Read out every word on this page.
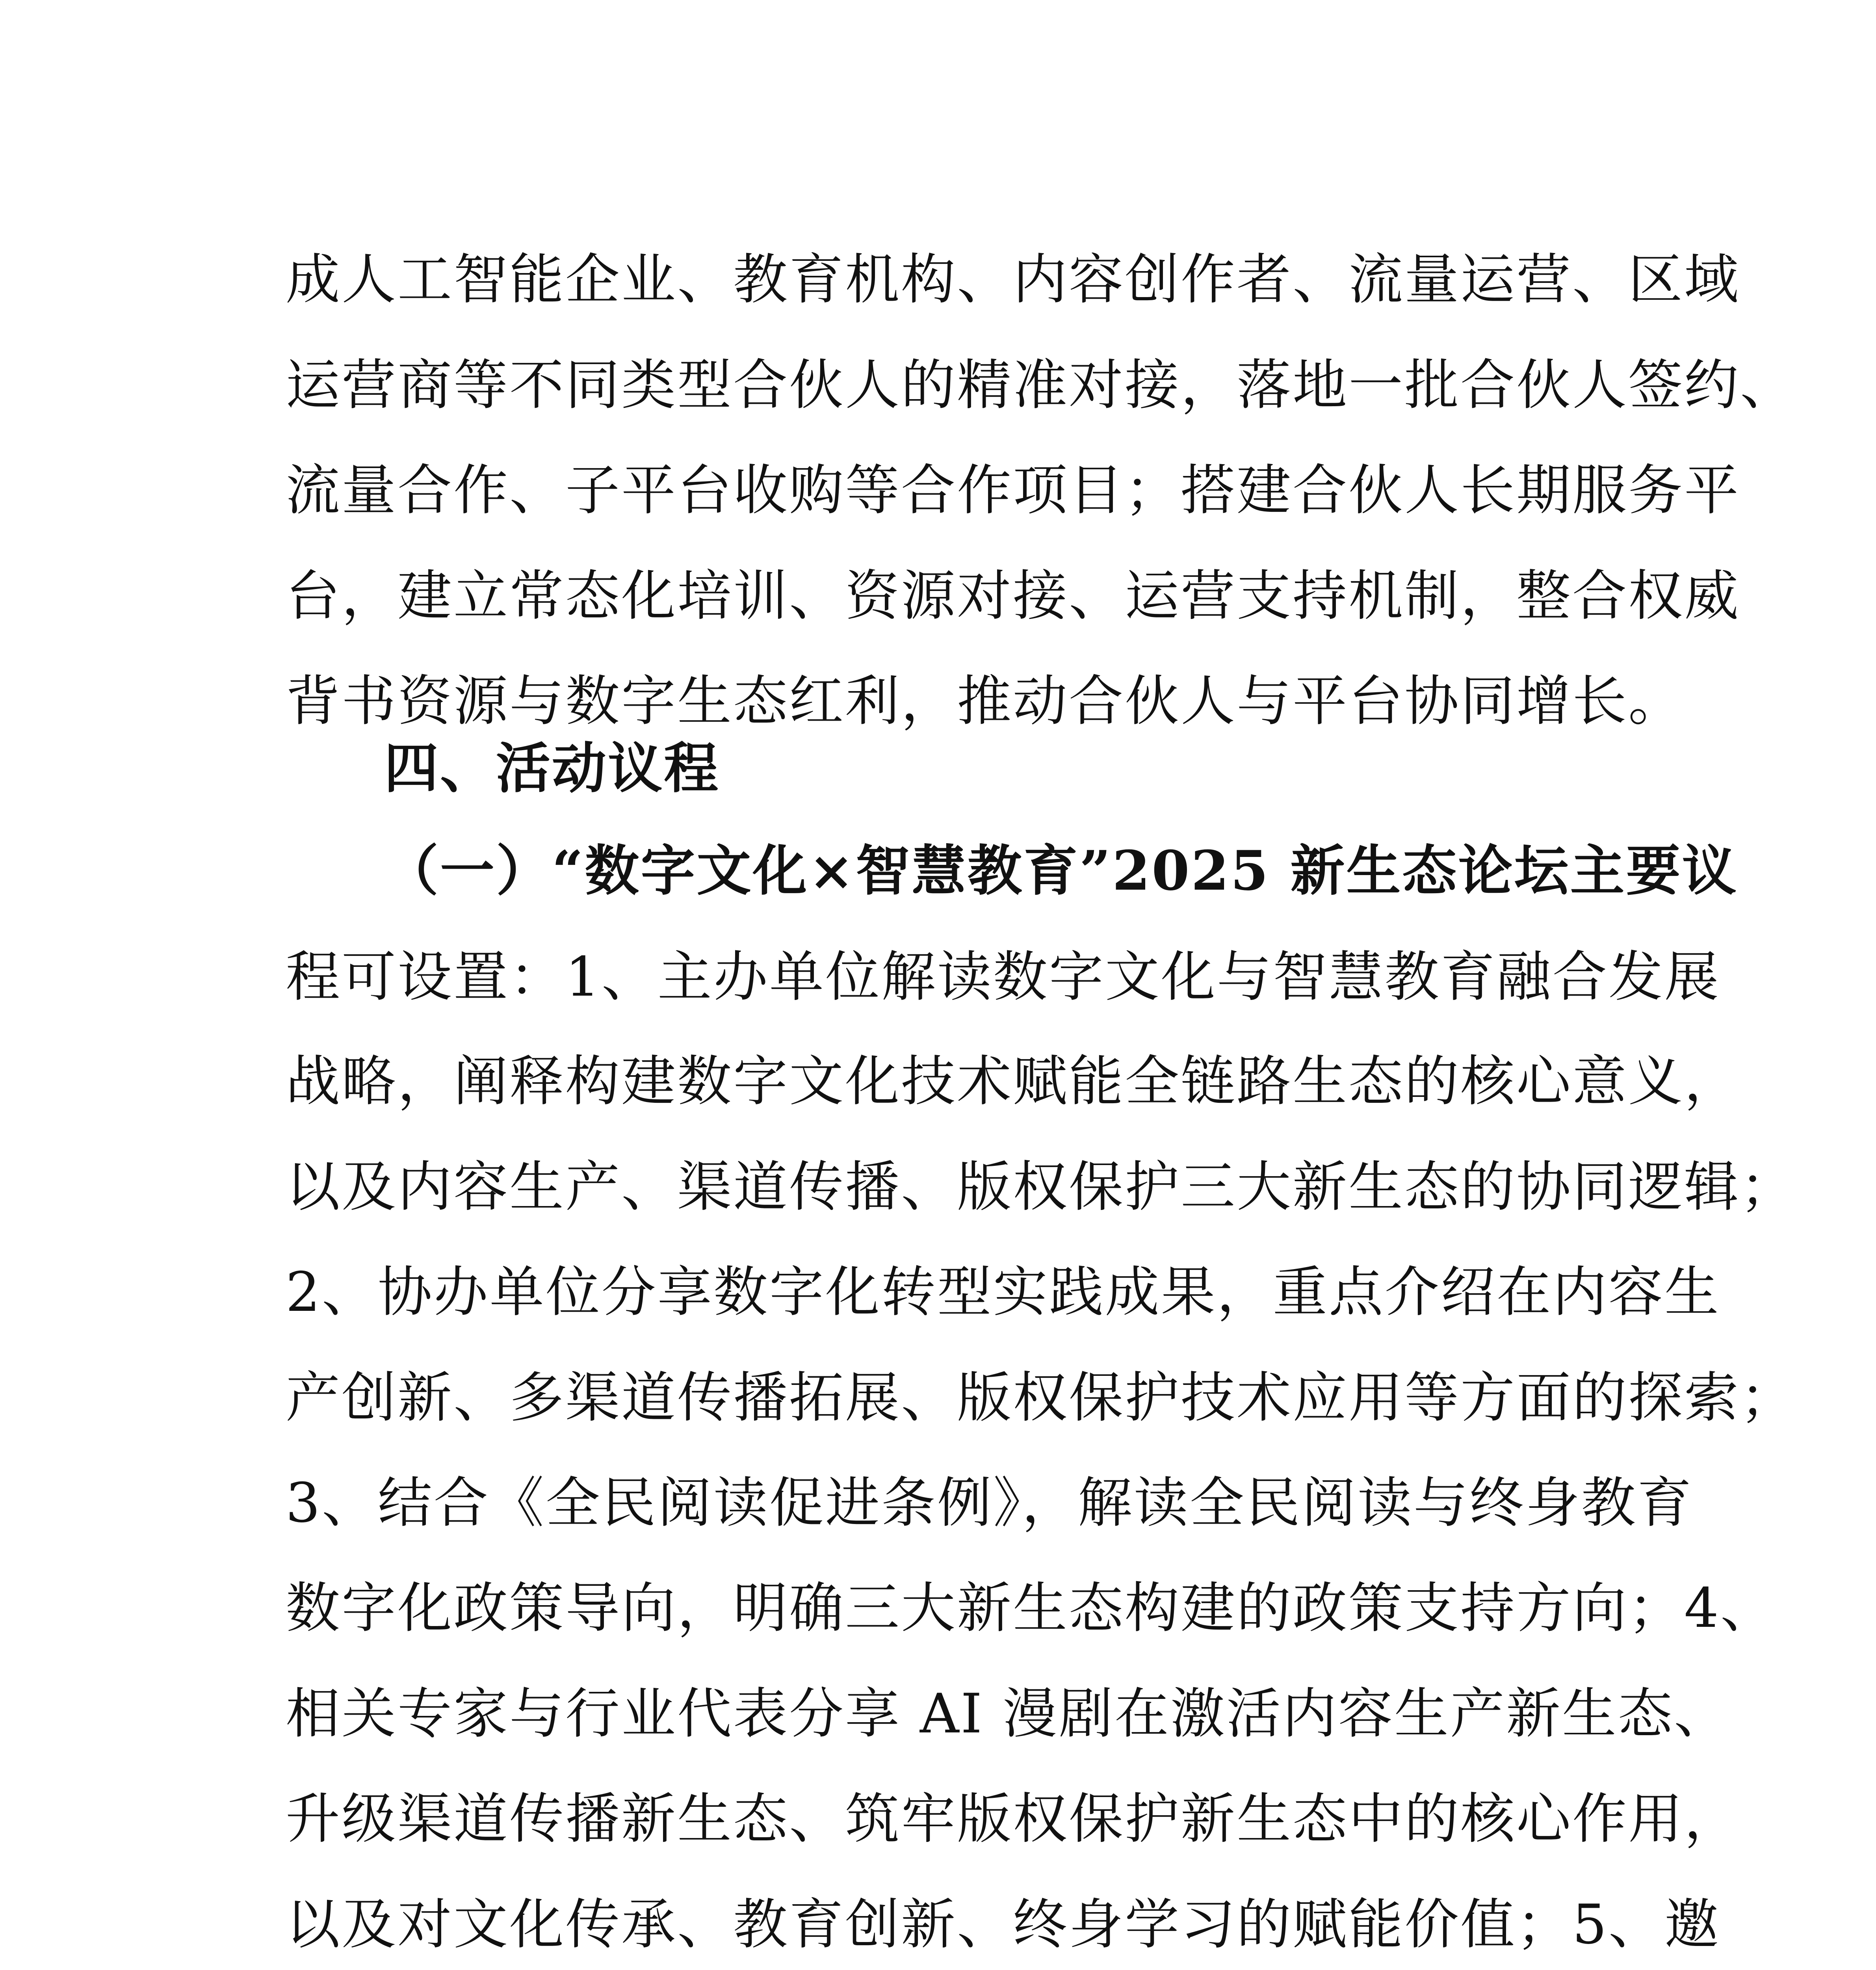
成人工智能企业、教育机构、内容创作者、流量运营、区域
运营商等不同类型合伙人的精准对接，落地一批合伙人签约、
流量合作、子平台收购等合作项目；搭建合伙人长期服务平
台，建立常态化培训、资源对接、运营支持机制，整合权威
背书资源与数字生态红利，推动合伙人与平台协同增长。
四、活动议程
（一）“数字文化×智慧教育”2025 新生态论坛主要议
程可设置：1、主办单位解读数字文化与智慧教育融合发展
战略，阐释构建数字文化技术赋能全链路生态的核心意义，
以及内容生产、渠道传播、版权保护三大新生态的协同逻辑；
2、协办单位分享数字化转型实践成果，重点介绍在内容生
产创新、多渠道传播拓展、版权保护技术应用等方面的探索；
3、结合《全民阅读促进条例》，解读全民阅读与终身教育
数字化政策导向，明确三大新生态构建的政策支持方向；4、
相关专家与行业代表分享 AI 漫剧在激活内容生产新生态、
升级渠道传播新生态、筑牢版权保护新生态中的核心作用，
以及对文化传承、教育创新、终身学习的赋能价值；5、邀
